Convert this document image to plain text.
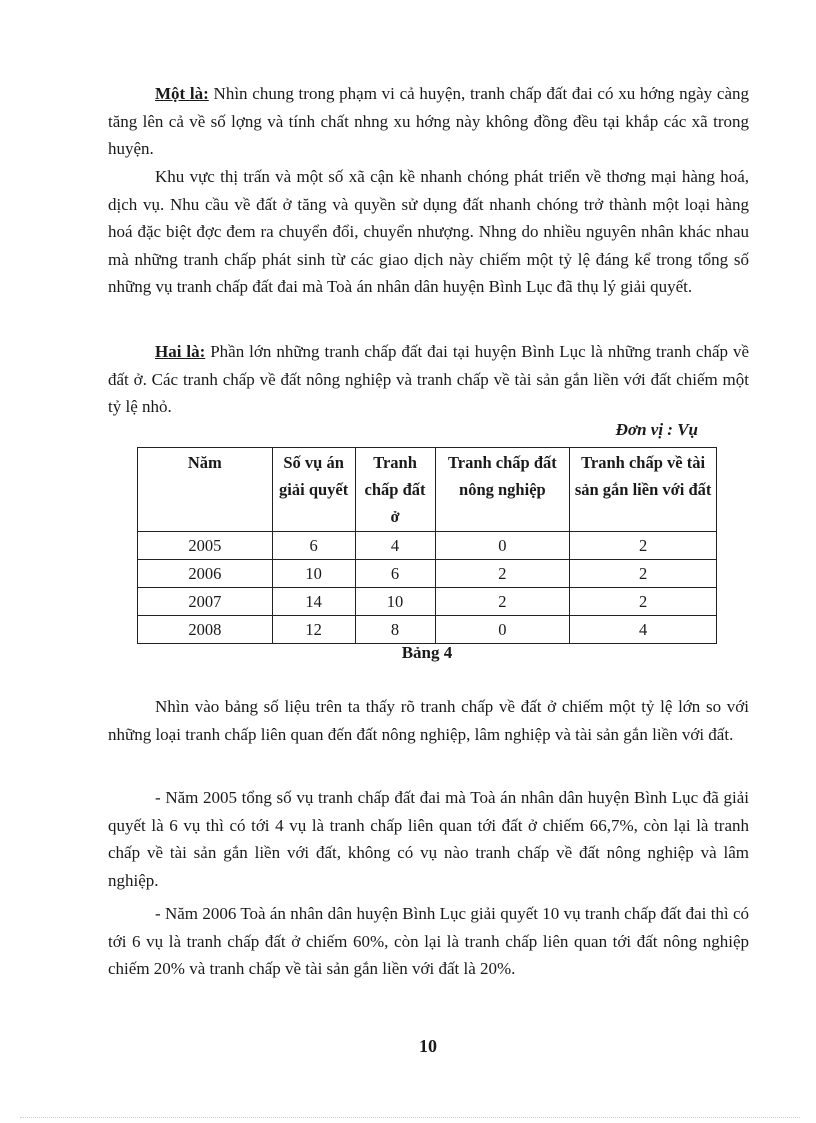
Một là: Nhìn chung trong phạm vi cả huyện, tranh chấp đất đai có xu hớng ngày càng tăng lên cả về số lợng và tính chất nhng xu hớng này không đồng đều tại khắp các xã trong huyện.

Khu vực thị trấn và một số xã cận kề nhanh chóng phát triển về thơng mại hàng hoá, dịch vụ. Nhu cầu về đất ở tăng và quyền sử dụng đất nhanh chóng trở thành một loại hàng hoá đặc biệt đợc đem ra chuyển đổi, chuyển nhượng. Nhng do nhiều nguyên nhân khác nhau mà những tranh chấp phát sinh từ các giao dịch này chiếm một tỷ lệ đáng kể trong tổng số những vụ tranh chấp đất đai mà Toà án nhân dân huyện Bình Lục đã thụ lý giải quyết.

Hai là: Phần lớn những tranh chấp đất đai tại huyện Bình Lục là những tranh chấp về đất ở. Các tranh chấp về đất nông nghiệp và tranh chấp về tài sản gắn liền với đất chiếm một tỷ lệ nhỏ.

Đơn vị : Vụ
Năm	Số vụ án giải quyết	Tranh chấp đất ở	Tranh chấp đất nông nghiệp	Tranh chấp về tài sản gắn liền với đất
2005	6	4	0	2
2006	10	6	2	2
2007	14	10	2	2
2008	12	8	0	4
Bảng 4

Nhìn vào bảng số liệu trên ta thấy rõ tranh chấp về đất ở chiếm một tỷ lệ lớn so với những loại tranh chấp liên quan đến đất nông nghiệp, lâm nghiệp và tài sản gắn liền với đất.

- Năm 2005 tổng số vụ tranh chấp đất đai mà Toà án nhân dân huyện Bình Lục đã giải quyết là 6 vụ thì có tới 4 vụ là tranh chấp liên quan tới đất ở chiếm 66,7%, còn lại là tranh chấp về tài sản gắn liền với đất, không có vụ nào tranh chấp về đất nông nghiệp và lâm nghiệp.

- Năm 2006 Toà án nhân dân huyện Bình Lục giải quyết 10 vụ tranh chấp đất đai thì có tới 6 vụ là tranh chấp đất ở chiếm 60%, còn lại là tranh chấp liên quan tới đất nông nghiệp chiếm 20% và tranh chấp về tài sản gắn liền với đất là 20%.

10
